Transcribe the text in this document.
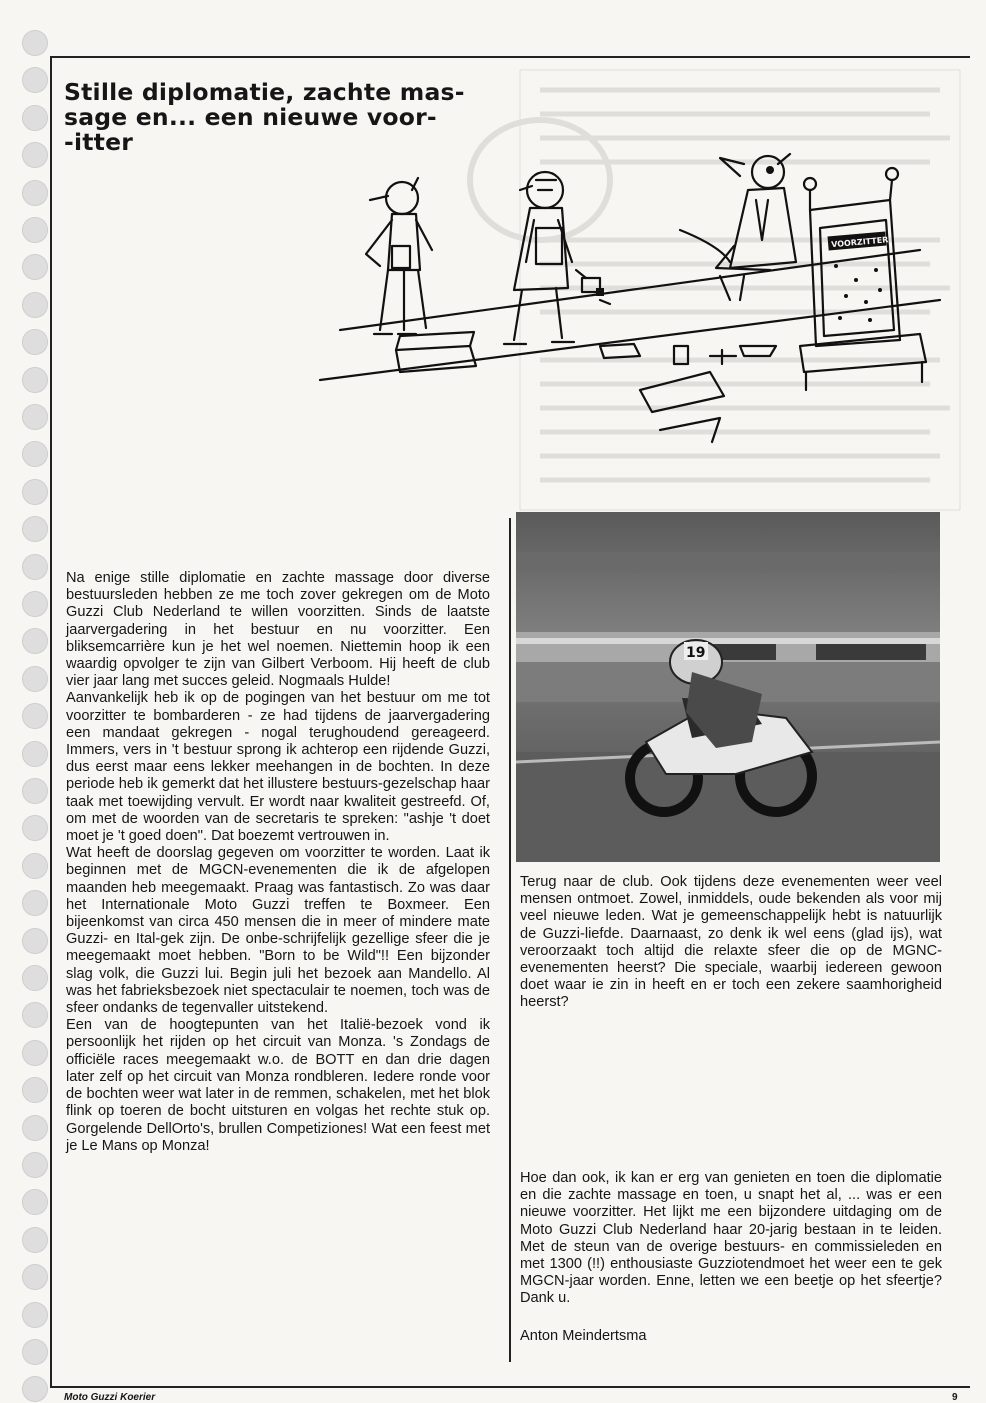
Stille diplomatie, zachte mas-
sage en... een nieuwe voor-
-itter
VOORZITTER
19

Na enige stille diplomatie en zachte massage door diverse bestuursleden hebben ze me toch zover gekregen om de Moto Guzzi Club Nederland te willen voorzitten. Sinds de laatste jaarvergadering in het bestuur en nu voorzitter. Een bliksemcarrière kun je het wel noemen. Niettemin hoop ik een waardig opvolger te zijn van Gilbert Verboom. Hij heeft de club vier jaar lang met succes geleid. Nogmaals Hulde!

Aanvankelijk heb ik op de pogingen van het bestuur om me tot voorzitter te bombarderen - ze had tijdens de jaarvergadering een mandaat gekregen - nogal terughoudend gereageerd. Immers, vers in 't bestuur sprong ik achterop een rijdende Guzzi, dus eerst maar eens lekker meehangen in de bochten. In deze periode heb ik gemerkt dat het illustere bestuurs-gezelschap haar taak met toewijding vervult. Er wordt naar kwaliteit gestreefd. Of, om met de woorden van de secretaris te spreken: "ashje 't doet moet je 't goed doen". Dat boezemt vertrouwen in.

Wat heeft de doorslag gegeven om voorzitter te worden. Laat ik beginnen met de MGCN-evenementen die ik de afgelopen maanden heb meegemaakt. Praag was fantastisch. Zo was daar het Internationale Moto Guzzi treffen te Boxmeer. Een bijeenkomst van circa 450 mensen die in meer of mindere mate Guzzi- en Ital-gek zijn. De onbe-schrijfelijk gezellige sfeer die je meegemaakt moet hebben. "Born to be Wild"!! Een bijzonder slag volk, die Guzzi lui. Begin juli het bezoek aan Mandello. Al was het fabrieksbezoek niet spectaculair te noemen, toch was de sfeer ondanks de tegenvaller uitstekend.

Een van de hoogtepunten van het Italië-bezoek vond ik persoonlijk het rijden op het circuit van Monza. 's Zondags de officiële races meegemaakt w.o. de BOTT en dan drie dagen later zelf op het circuit van Monza rondbleren. Iedere ronde voor de bochten weer wat later in de remmen, schakelen, met het blok flink op toeren de bocht uitsturen en volgas het rechte stuk op. Gorgelende DellOrto's, brullen Competiziones! Wat een feest met je Le Mans op Monza!

Terug naar de club. Ook tijdens deze evenementen weer veel mensen ontmoet. Zowel, inmiddels, oude bekenden als voor mij veel nieuwe leden. Wat je gemeenschappelijk hebt is natuurlijk de Guzzi-liefde. Daarnaast, zo denk ik wel eens (glad ijs), wat veroorzaakt toch altijd die relaxte sfeer die op de MGNC-evenementen heerst? Die speciale, waarbij iedereen gewoon doet waar ie zin in heeft en er toch een zekere saamhorigheid heerst?

Hoe dan ook, ik kan er erg van genieten en toen die diplomatie en die zachte massage en toen, u snapt het al, ... was er een nieuwe voorzitter. Het lijkt me een bijzondere uitdaging om de Moto Guzzi Club Nederland haar 20-jarig bestaan in te leiden. Met de steun van de overige bestuurs- en commissieleden en met 1300 (!!) enthousiaste Guzziotendmoet het weer een te gek MGCN-jaar worden. Enne, letten we een beetje op het sfeertje? Dank u.

Anton Meindertsma
Moto Guzzi Koerier	9
